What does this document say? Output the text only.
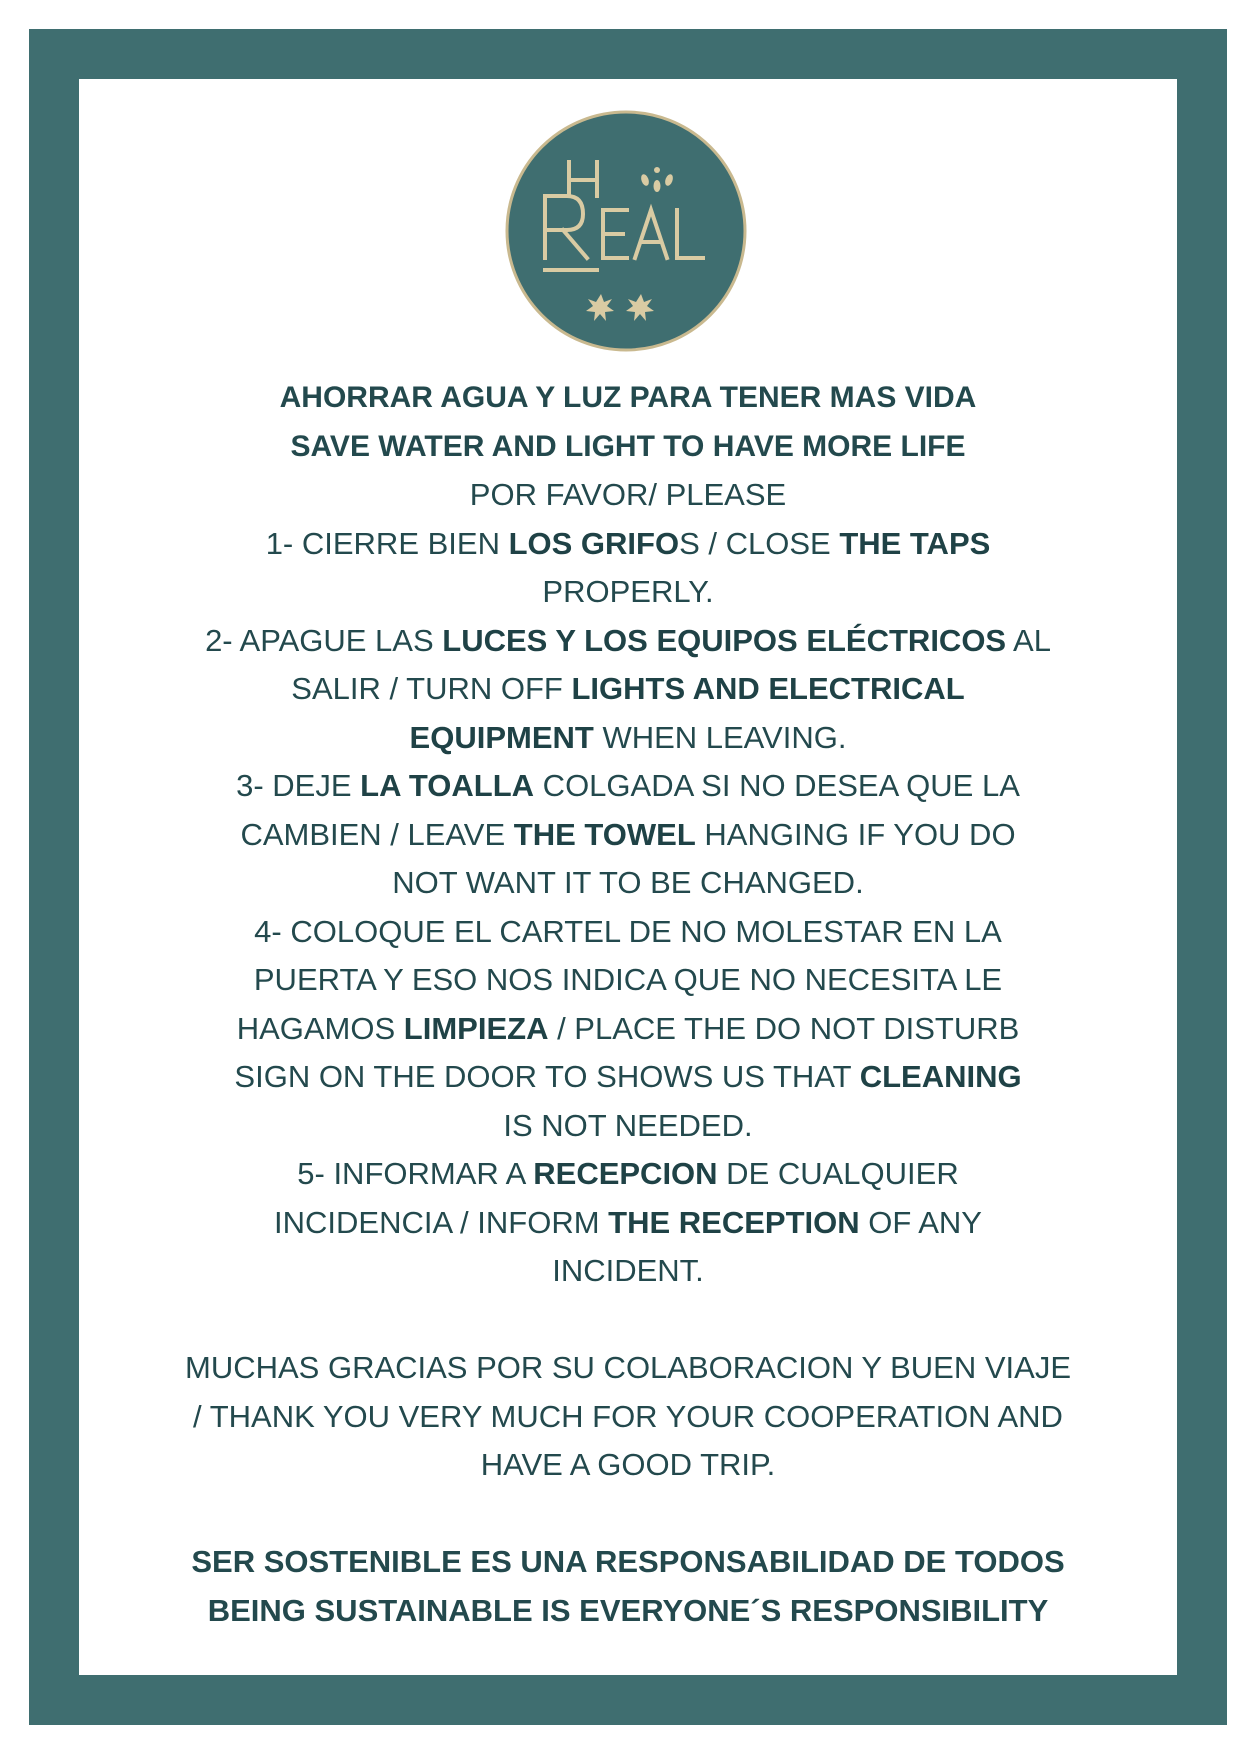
AHORRAR AGUA Y LUZ PARA TENER MAS VIDA

SAVE WATER AND LIGHT TO HAVE MORE LIFE

POR FAVOR/ PLEASE

1- CIERRE BIEN LOS GRIFOS / CLOSE THE TAPS

PROPERLY.

2- APAGUE LAS LUCES Y LOS EQUIPOS ELÉCTRICOS AL

SALIR / TURN OFF LIGHTS AND ELECTRICAL

EQUIPMENT WHEN LEAVING.

3- DEJE LA TOALLA COLGADA SI NO DESEA QUE LA

CAMBIEN / LEAVE THE TOWEL HANGING IF YOU DO

NOT WANT IT TO BE CHANGED.

4- COLOQUE EL CARTEL DE NO MOLESTAR EN LA

PUERTA Y ESO NOS INDICA QUE NO NECESITA LE

HAGAMOS LIMPIEZA / PLACE THE DO NOT DISTURB

SIGN ON THE DOOR TO SHOWS US THAT CLEANING

IS NOT NEEDED.

5- INFORMAR A RECEPCION DE CUALQUIER

INCIDENCIA / INFORM THE RECEPTION OF ANY

INCIDENT.

MUCHAS GRACIAS POR SU COLABORACION Y BUEN VIAJE

/ THANK YOU VERY MUCH FOR YOUR COOPERATION AND

HAVE A GOOD TRIP.

SER SOSTENIBLE ES UNA RESPONSABILIDAD DE TODOS

BEING SUSTAINABLE IS EVERYONE´S RESPONSIBILITY
